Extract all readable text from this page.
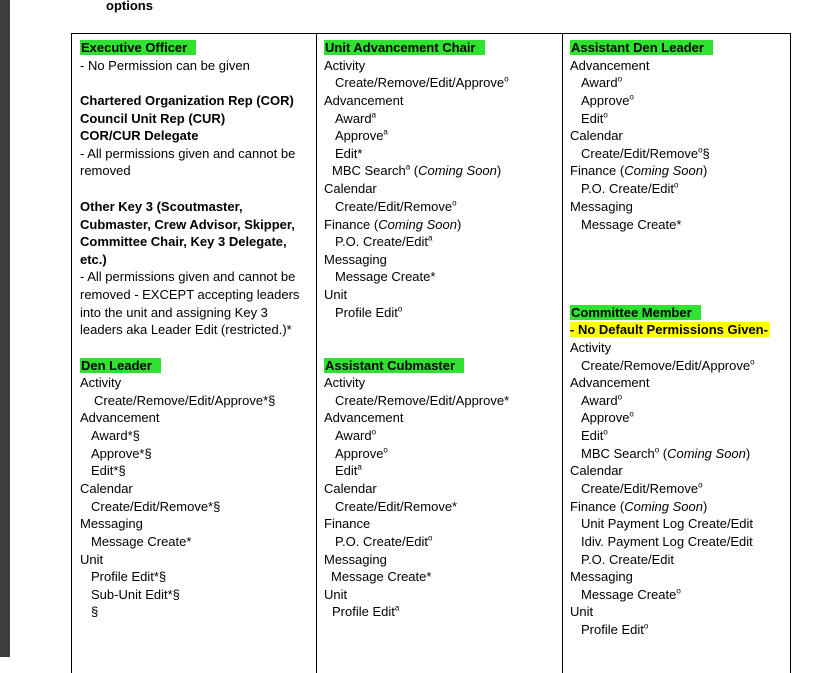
options
Executive Officer
- No Permission can be given
Chartered Organization Rep (COR)
Council Unit Rep (CUR)
COR/CUR Delegate
- All permissions given and cannot be
removed
Other Key 3 (Scoutmaster,
Cubmaster, Crew Advisor, Skipper,
Committee Chair, Key 3 Delegate,
etc.)
- All permissions given and cannot be
removed - EXCEPT accepting leaders
into the unit and assigning Key 3
leaders aka Leader Edit (restricted.)*
Den Leader
Activity
Create/Remove/Edit/Approve*§
Advancement
Award*§
Approve*§
Edit*§
Calendar
Create/Edit/Remove*§
Messaging
Message Create*
Unit
Profile Edit*§
Sub-Unit Edit*§
§
Unit Advancement Chair
Activity
Create/Remove/Edit/Approve$^o$
Advancement
Award$^a$
Approve$^a$
Edit*
MBC Search$^a$ (Coming Soon)
Calendar
Create/Edit/Remove$^o$
Finance (Coming Soon)
P.O. Create/Edit$^a$
Messaging
Message Create*
Unit
Profile Edit$^o$
Assistant Cubmaster
Activity
Create/Remove/Edit/Approve*
Advancement
Award$^o$
Approve$^o$
Edit$^a$
Calendar
Create/Edit/Remove*
Finance
P.O. Create/Edit$^o$
Messaging
Message Create*
Unit
Profile Edit$^a$
Assistant Den Leader
Advancement
Award$^o$
Approve$^o$
Edit$^o$
Calendar
Create/Edit/Remove$^o$§
Finance (Coming Soon)
P.O. Create/Edit$^o$
Messaging
Message Create*
Committee Member
- No Default Permissions Given-
Activity
Create/Remove/Edit/Approve$^o$
Advancement
Award$^o$
Approve$^o$
Edit$^o$
MBC Search$^o$ (Coming Soon)
Calendar
Create/Edit/Remove$^o$
Finance (Coming Soon)
Unit Payment Log Create/Edit
Idiv. Payment Log Create/Edit
P.O. Create/Edit
Messaging
Message Create$^o$
Unit
Profile Edit$^o$
